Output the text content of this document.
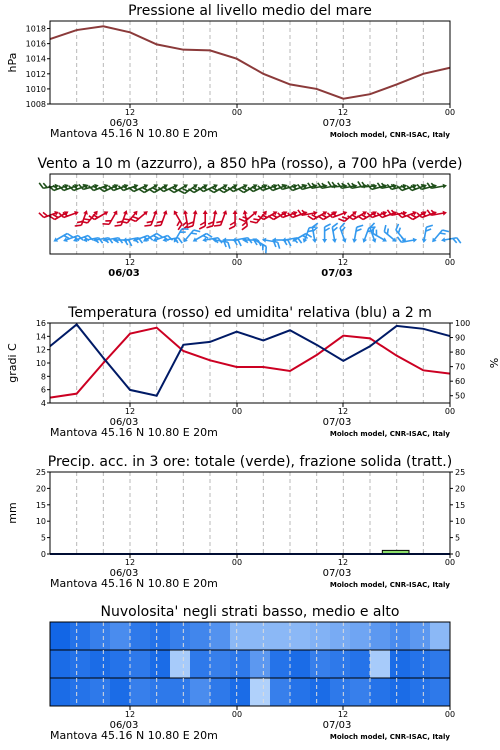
1008
1010
1012
1014
1016
1018
Pressione al livello medio del mare
hPa
12	00	12	00
06/03	07/03
Mantova 45.16 N 10.80 E 20m	Moloch model, CNR-ISAC, Italy
Vento a 10 m (azzurro), a 850 hPa (rosso), a 700 hPa (verde)
12	00	12	00
06/03	07/03
4
6
8
10
12
14
16
50
60
70
80
90
100
Temperatura (rosso) ed umidita' relativa (blu) a 2 m
gradi C	%
12	00	12	00
06/03	07/03
Mantova 45.16 N 10.80 E 20m	Moloch model, CNR-ISAC, Italy
0	0
5	5
10	10
15	15
20	20
25	25
Precip. acc. in 3 ore: totale (verde), frazione solida (tratt.)
mm
12	00	12	00
06/03	07/03
Mantova 45.16 N 10.80 E 20m	Moloch model, CNR-ISAC, Italy
Nuvolosita' negli strati basso, medio e alto
12	00	12	00
06/03	07/03
Mantova 45.16 N 10.80 E 20m	Moloch model, CNR-ISAC, Italy
